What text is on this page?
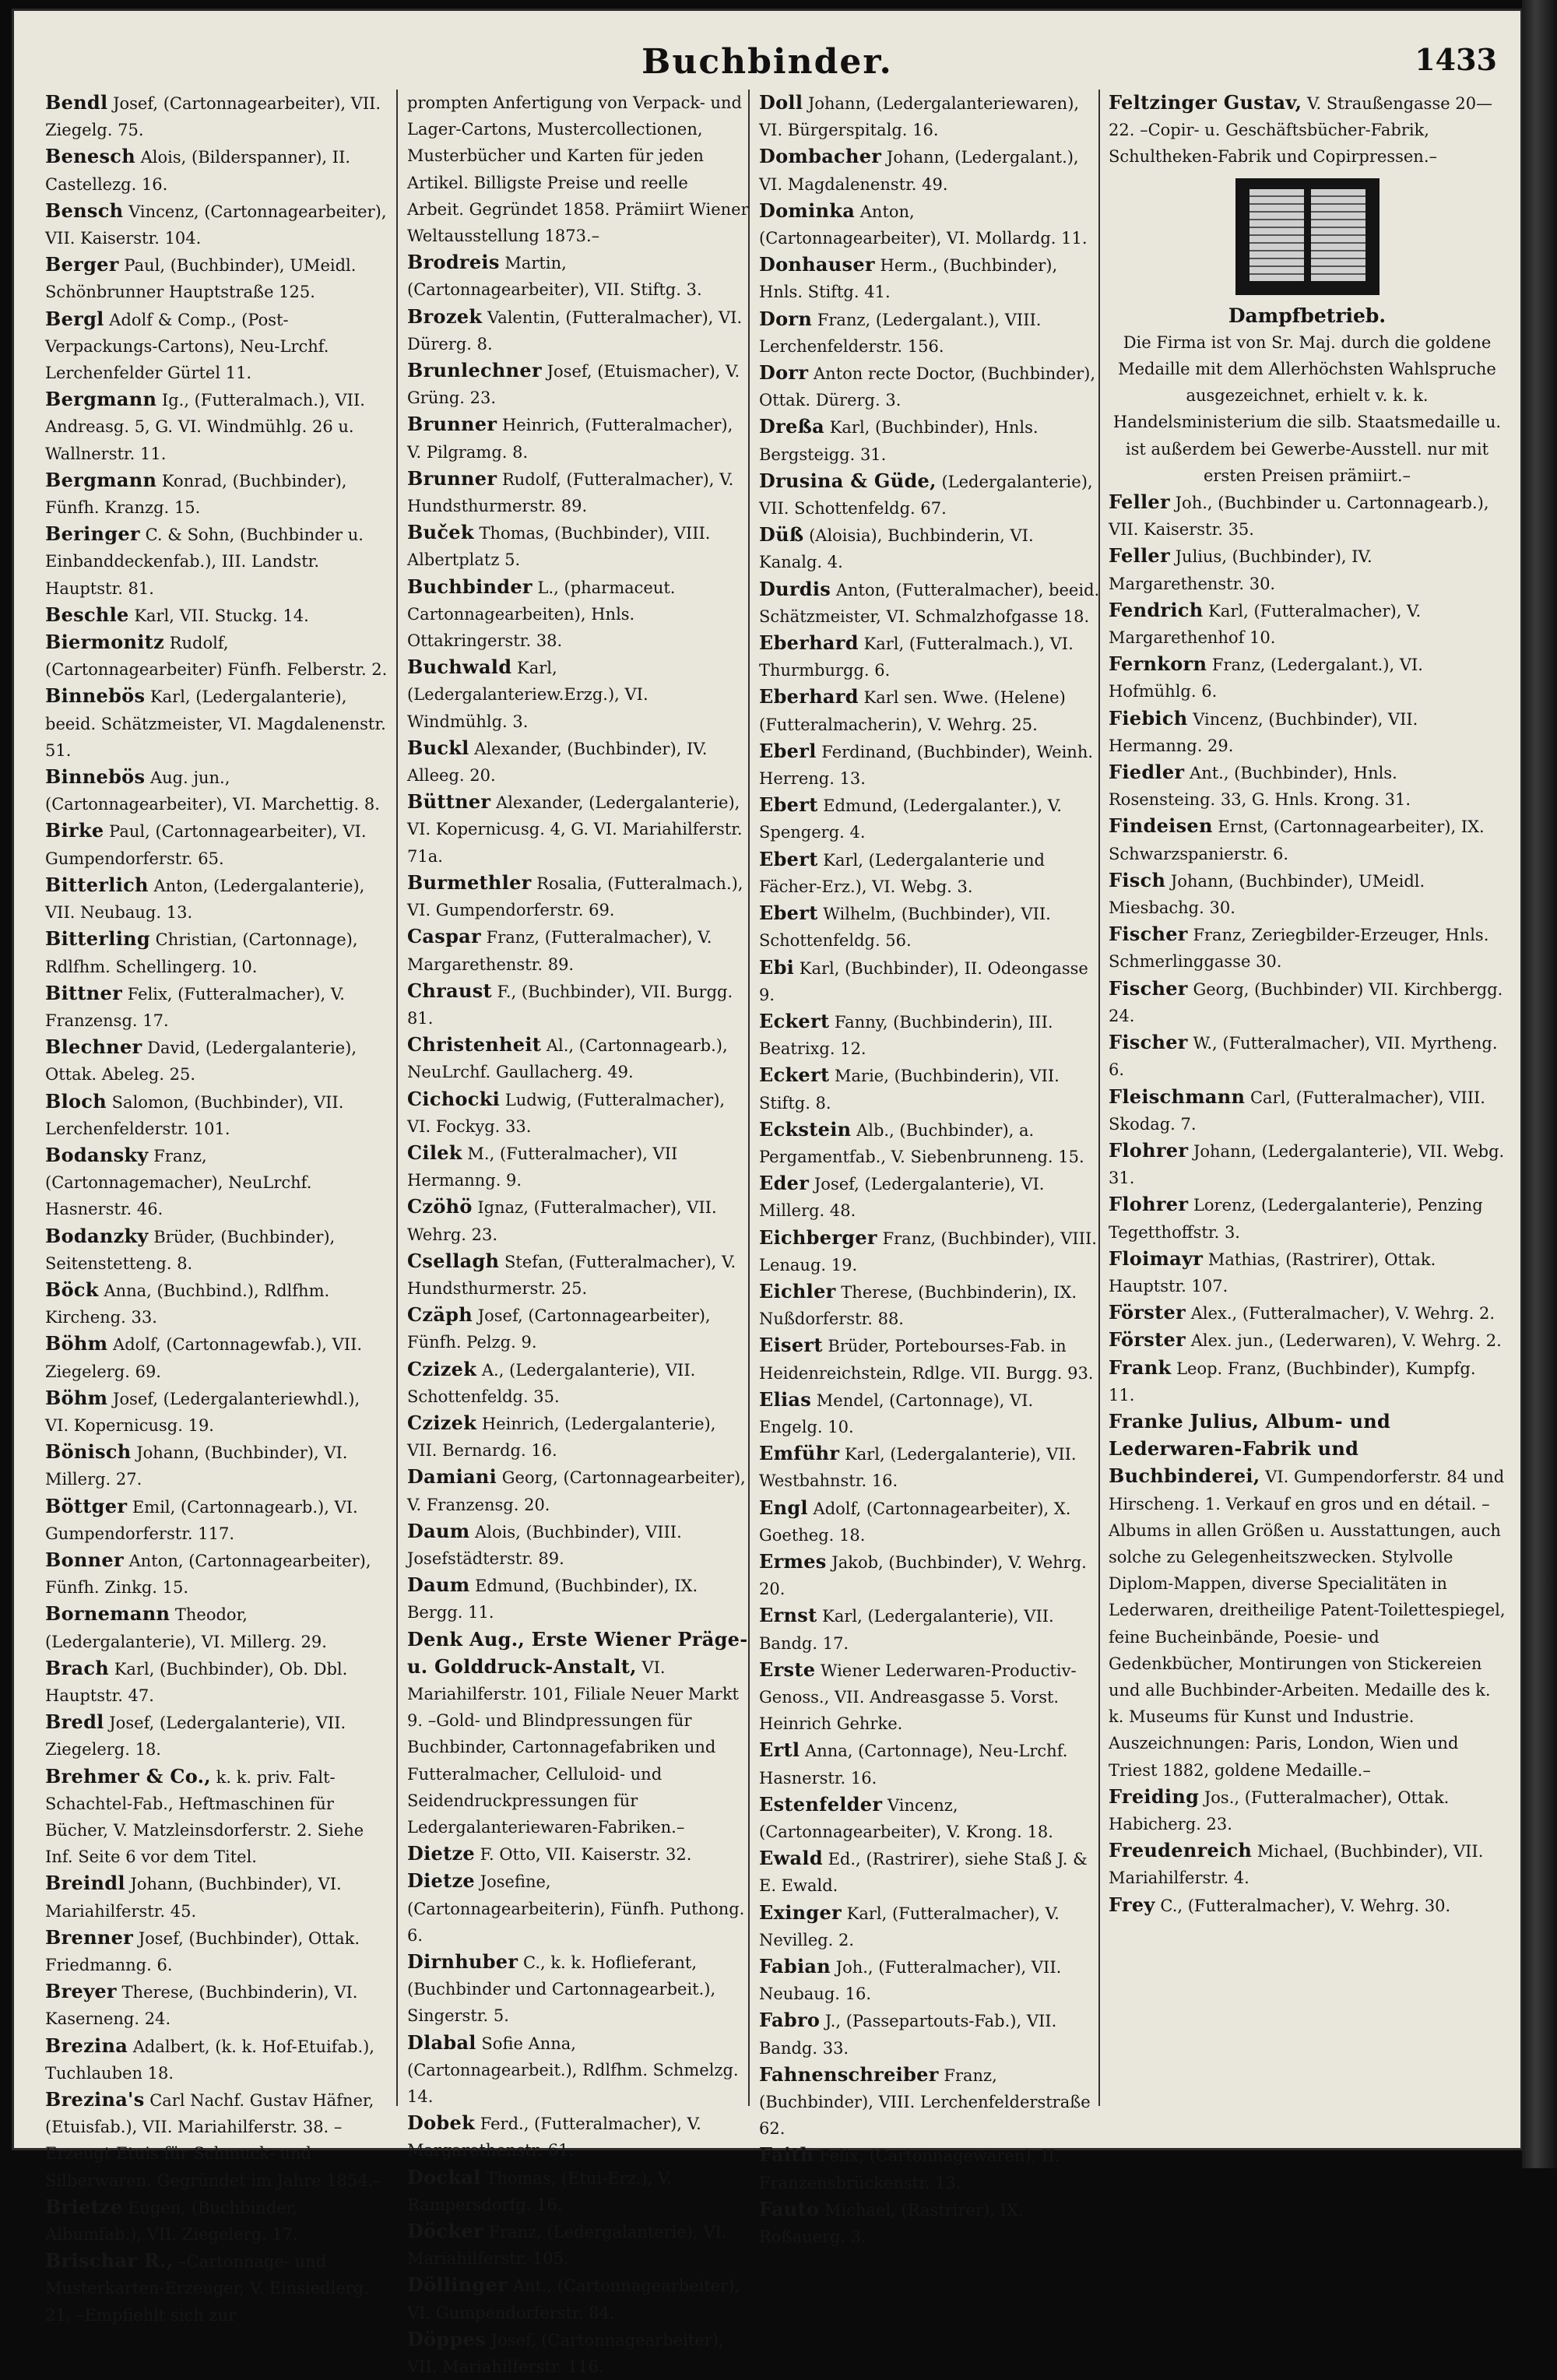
Buchbinder.	1433

Bendl Josef, (Cartonnagearbeiter), VII. Ziegelg. 75.

Benesch Alois, (Bilderspanner), II. Castellezg. 16.

Bensch Vincenz, (Cartonnagearbeiter), VII. Kaiserstr. 104.

Berger Paul, (Buchbinder), UMeidl. Schönbrunner Hauptstraße 125.

Bergl Adolf & Comp., (Post-Verpackungs-Cartons), Neu-Lrchf. Lerchenfelder Gürtel 11.

Bergmann Ig., (Futteralmach.), VII. Andreasg. 5, G. VI. Windmühlg. 26 u. Wallnerstr. 11.

Bergmann Konrad, (Buchbinder), Fünfh. Kranzg. 15.

Beringer C. & Sohn, (Buchbinder u. Einbanddeckenfab.), III. Landstr. Hauptstr. 81.

Beschle Karl, VII. Stuckg. 14.

Biermonitz Rudolf, (Cartonnagearbeiter) Fünfh. Felberstr. 2.

Binnebös Karl, (Ledergalanterie), beeid. Schätzmeister, VI. Magdalenenstr. 51.

Binnebös Aug. jun., (Cartonnagearbeiter), VI. Marchettig. 8.

Birke Paul, (Cartonnagearbeiter), VI. Gumpendorferstr. 65.

Bitterlich Anton, (Ledergalanterie), VII. Neubaug. 13.

Bitterling Christian, (Cartonnage), Rdlfhm. Schellingerg. 10.

Bittner Felix, (Futteralmacher), V. Franzensg. 17.

Blechner David, (Ledergalanterie), Ottak. Abeleg. 25.

Bloch Salomon, (Buchbinder), VII. Lerchenfelderstr. 101.

Bodansky Franz, (Cartonnagemacher), NeuLrchf. Hasnerstr. 46.

Bodanzky Brüder, (Buchbinder), Seitenstetteng. 8.

Böck Anna, (Buchbind.), Rdlfhm. Kircheng. 33.

Böhm Adolf, (Cartonnagewfab.), VII. Ziegelerg. 69.

Böhm Josef, (Ledergalanteriewhdl.), VI. Kopernicusg. 19.

Bönisch Johann, (Buchbinder), VI. Millerg. 27.

Böttger Emil, (Cartonnagearb.), VI. Gumpendorferstr. 117.

Bonner Anton, (Cartonnagearbeiter), Fünfh. Zinkg. 15.

Bornemann Theodor, (Ledergalanterie), VI. Millerg. 29.

Brach Karl, (Buchbinder), Ob. Dbl. Hauptstr. 47.

Bredl Josef, (Ledergalanterie), VII. Ziegelerg. 18.

Brehmer & Co., k. k. priv. Falt-Schachtel-Fab., Heftmaschinen für Bücher, V. Matzleinsdorferstr. 2. Siehe Inf. Seite 6 vor dem Titel.

Breindl Johann, (Buchbinder), VI. Mariahilferstr. 45.

Brenner Josef, (Buchbinder), Ottak. Friedmanng. 6.

Breyer Therese, (Buchbinderin), VI. Kaserneng. 24.

Brezina Adalbert, (k. k. Hof-Etuifab.), Tuchlauben 18.

Brezina's Carl Nachf. Gustav Häfner, (Etuisfab.), VII. Mariahilferstr. 38. –Erzeugt Etuis für Schmuck- und Silberwaren. Gegründet im Jahre 1854.–

Brietze Eugen, (Buchbinder, Albumfab.), VII. Ziegelerg. 17.

Brischar R., –Cartonnage- und Musterkarten-Erzeuger, V. Einsiedlerg. 21. –Empfiehlt sich zur

prompten Anfertigung von Verpack- und Lager-Cartons, Mustercollectionen, Musterbücher und Karten für jeden Artikel. Billigste Preise und reelle Arbeit. Gegründet 1858. Prämiirt Wiener Weltausstellung 1873.–

Brodreis Martin, (Cartonnagearbeiter), VII. Stiftg. 3.

Brozek Valentin, (Futteralmacher), VI. Dürerg. 8.

Brunlechner Josef, (Etuismacher), V. Grüng. 23.

Brunner Heinrich, (Futteralmacher), V. Pilgramg. 8.

Brunner Rudolf, (Futteralmacher), V. Hundsthurmerstr. 89.

Buček Thomas, (Buchbinder), VIII. Albertplatz 5.

Buchbinder L., (pharmaceut. Cartonnagearbeiten), Hnls. Ottakringerstr. 38.

Buchwald Karl, (Ledergalanteriew.Erzg.), VI. Windmühlg. 3.

Buckl Alexander, (Buchbinder), IV. Alleeg. 20.

Büttner Alexander, (Ledergalanterie), VI. Kopernicusg. 4, G. VI. Mariahilferstr. 71a.

Burmethler Rosalia, (Futteralmach.), VI. Gumpendorferstr. 69.

Caspar Franz, (Futteralmacher), V. Margarethenstr. 89.

Chraust F., (Buchbinder), VII. Burgg. 81.

Christenheit Al., (Cartonnagearb.), NeuLrchf. Gaullacherg. 49.

Cichocki Ludwig, (Futteralmacher), VI. Fockyg. 33.

Cilek M., (Futteralmacher), VII Hermanng. 9.

Czöhö Ignaz, (Futteralmacher), VII. Wehrg. 23.

Csellagh Stefan, (Futteralmacher), V. Hundsthurmerstr. 25.

Czäph Josef, (Cartonnagearbeiter), Fünfh. Pelzg. 9.

Czizek A., (Ledergalanterie), VII. Schottenfeldg. 35.

Czizek Heinrich, (Ledergalanterie), VII. Bernardg. 16.

Damiani Georg, (Cartonnagearbeiter), V. Franzensg. 20.

Daum Alois, (Buchbinder), VIII. Josefstädterstr. 89.

Daum Edmund, (Buchbinder), IX. Bergg. 11.

Denk Aug., Erste Wiener Präge- u. Golddruck-Anstalt, VI. Mariahilferstr. 101, Filiale Neuer Markt 9. –Gold- und Blindpressungen für Buchbinder, Cartonnagefabriken und Futteralmacher, Celluloid- und Seidendruckpressungen für Ledergalanteriewaren-Fabriken.–

Dietze F. Otto, VII. Kaiserstr. 32.

Dietze Josefine, (Cartonnagearbeiterin), Fünfh. Puthong. 6.

Dirnhuber C., k. k. Hoflieferant, (Buchbinder und Cartonnagearbeit.), Singerstr. 5.

Dlabal Sofie Anna, (Cartonnagearbeit.), Rdlfhm. Schmelzg. 14.

Dobek Ferd., (Futteralmacher), V. Margarethenstr. 61.

Dockal Thomas, (Etui-Erz.), V. Rampersdorfg. 16.

Döcker Franz, (Ledergalanterie), VI. Mariahilferstr. 105.

Döllinger Ant., (Cartonnagearbeiter), VI. Gumpendorferstr. 84.

Döppes Josef, (Cartonnagearbeiter), VII. Mariahilferstr. 116.

Doll Johann, (Ledergalanteriewaren), VI. Bürgerspitalg. 16.

Dombacher Johann, (Ledergalant.), VI. Magdalenenstr. 49.

Dominka Anton, (Cartonnagearbeiter), VI. Mollardg. 11.

Donhauser Herm., (Buchbinder), Hnls. Stiftg. 41.

Dorn Franz, (Ledergalant.), VIII. Lerchenfelderstr. 156.

Dorr Anton recte Doctor, (Buchbinder), Ottak. Dürerg. 3.

Dreßa Karl, (Buchbinder), Hnls. Bergsteigg. 31.

Drusina & Güde, (Ledergalanterie), VII. Schottenfeldg. 67.

Düß (Aloisia), Buchbinderin, VI. Kanalg. 4.

Durdis Anton, (Futteralmacher), beeid. Schätzmeister, VI. Schmalzhofgasse 18.

Eberhard Karl, (Futteralmach.), VI. Thurmburgg. 6.

Eberhard Karl sen. Wwe. (Helene) (Futteralmacherin), V. Wehrg. 25.

Eberl Ferdinand, (Buchbinder), Weinh. Herreng. 13.

Ebert Edmund, (Ledergalanter.), V. Spengerg. 4.

Ebert Karl, (Ledergalanterie und Fächer-Erz.), VI. Webg. 3.

Ebert Wilhelm, (Buchbinder), VII. Schottenfeldg. 56.

Ebi Karl, (Buchbinder), II. Odeongasse 9.

Eckert Fanny, (Buchbinderin), III. Beatrixg. 12.

Eckert Marie, (Buchbinderin), VII. Stiftg. 8.

Eckstein Alb., (Buchbinder), a. Pergamentfab., V. Siebenbrunneng. 15.

Eder Josef, (Ledergalanterie), VI. Millerg. 48.

Eichberger Franz, (Buchbinder), VIII. Lenaug. 19.

Eichler Therese, (Buchbinderin), IX. Nußdorferstr. 88.

Eisert Brüder, Portebourses-Fab. in Heidenreichstein, Rdlge. VII. Burgg. 93.

Elias Mendel, (Cartonnage), VI. Engelg. 10.

Emführ Karl, (Ledergalanterie), VII. Westbahnstr. 16.

Engl Adolf, (Cartonnagearbeiter), X. Goetheg. 18.

Ermes Jakob, (Buchbinder), V. Wehrg. 20.

Ernst Karl, (Ledergalanterie), VII. Bandg. 17.

Erste Wiener Lederwaren-Productiv-Genoss., VII. Andreasgasse 5. Vorst. Heinrich Gehrke.

Ertl Anna, (Cartonnage), Neu-Lrchf. Hasnerstr. 16.

Estenfelder Vincenz, (Cartonnagearbeiter), V. Krong. 18.

Ewald Ed., (Rastrirer), siehe Staß J. & E. Ewald.

Exinger Karl, (Futteralmacher), V. Nevilleg. 2.

Fabian Joh., (Futteralmacher), VII. Neubaug. 16.

Fabro J., (Passepartouts-Fab.), VII. Bandg. 33.

Fahnenschreiber Franz, (Buchbinder), VIII. Lerchenfelderstraße 62.

Faith Felix, (Cartonnagewaren), II. Franzensbrückenstr. 13.

Fauto Michael, (Rastrirer), IX. Roßauerg. 3.

Feltzinger Gustav, V. Straußengasse 20—22. –Copir- u. Geschäftsbücher-Fabrik, Schultheken-Fabrik und Copirpressen.–

Dampfbetrieb.
Die Firma ist von Sr. Maj. durch die goldene Medaille mit dem Allerhöchsten Wahlspruche ausgezeichnet, erhielt v. k. k. Handelsministerium die silb. Staatsmedaille u. ist außerdem bei Gewerbe-Ausstell. nur mit ersten Preisen prämiirt.–

Feller Joh., (Buchbinder u. Cartonnagearb.), VII. Kaiserstr. 35.

Feller Julius, (Buchbinder), IV. Margarethenstr. 30.

Fendrich Karl, (Futteralmacher), V. Margarethenhof 10.

Fernkorn Franz, (Ledergalant.), VI. Hofmühlg. 6.

Fiebich Vincenz, (Buchbinder), VII. Hermanng. 29.

Fiedler Ant., (Buchbinder), Hnls. Rosensteing. 33, G. Hnls. Krong. 31.

Findeisen Ernst, (Cartonnagearbeiter), IX. Schwarzspanierstr. 6.

Fisch Johann, (Buchbinder), UMeidl. Miesbachg. 30.

Fischer Franz, Zeriegbilder-Erzeuger, Hnls. Schmerlinggasse 30.

Fischer Georg, (Buchbinder) VII. Kirchbergg. 24.

Fischer W., (Futteralmacher), VII. Myrtheng. 6.

Fleischmann Carl, (Futteralmacher), VIII. Skodag. 7.

Flohrer Johann, (Ledergalanterie), VII. Webg. 31.

Flohrer Lorenz, (Ledergalanterie), Penzing Tegetthoffstr. 3.

Floimayr Mathias, (Rastrirer), Ottak. Hauptstr. 107.

Förster Alex., (Futteralmacher), V. Wehrg. 2.

Förster Alex. jun., (Lederwaren), V. Wehrg. 2.

Frank Leop. Franz, (Buchbinder), Kumpfg. 11.

Franke Julius, Album- und Lederwaren-Fabrik und Buchbinderei, VI. Gumpendorferstr. 84 und Hirscheng. 1. Verkauf en gros und en détail. –Albums in allen Größen u. Ausstattungen, auch solche zu Gelegenheitszwecken. Stylvolle Diplom-Mappen, diverse Specialitäten in Lederwaren, dreitheilige Patent-Toilettespiegel, feine Bucheinbände, Poesie- und Gedenkbücher, Montirungen von Stickereien und alle Buchbinder-Arbeiten. Medaille des k. k. Museums für Kunst und Industrie. Auszeichnungen: Paris, London, Wien und Triest 1882, goldene Medaille.–

Freiding Jos., (Futteralmacher), Ottak. Habicherg. 23.

Freudenreich Michael, (Buchbinder), VII. Mariahilferstr. 4.

Frey C., (Futteralmacher), V. Wehrg. 30.
